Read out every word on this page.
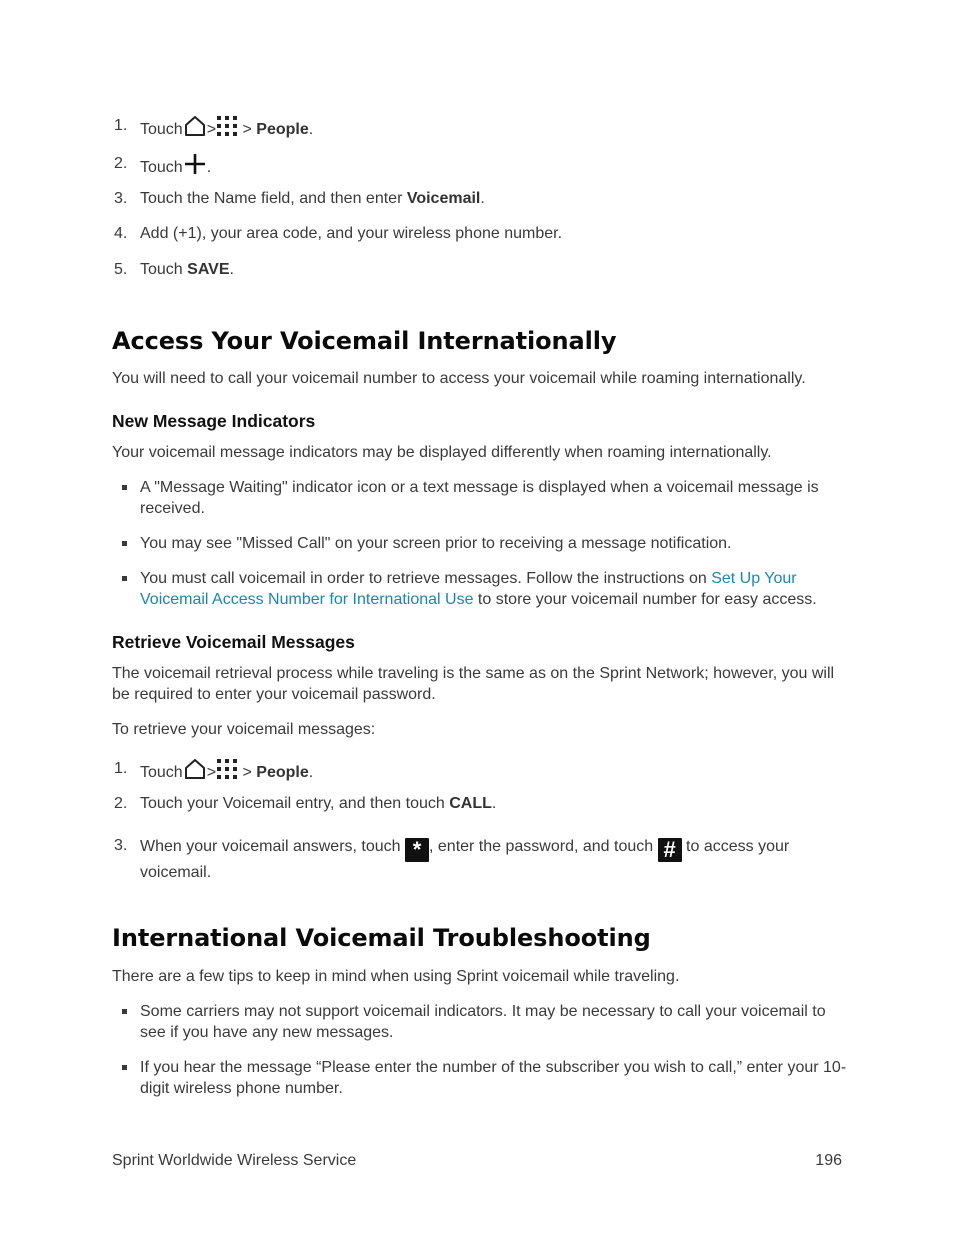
1. Touch > > People.
2. Touch .
3. Touch the Name field, and then enter Voicemail.
4. Add (+1), your area code, and your wireless phone number.
5. Touch SAVE.
Access Your Voicemail Internationally
You will need to call your voicemail number to access your voicemail while roaming internationally.
New Message Indicators
Your voicemail message indicators may be displayed differently when roaming internationally.
A "Message Waiting" indicator icon or a text message is displayed when a voicemail message is received.
You may see "Missed Call" on your screen prior to receiving a message notification.
You must call voicemail in order to retrieve messages. Follow the instructions on Set Up Your Voicemail Access Number for International Use to store your voicemail number for easy access.
Retrieve Voicemail Messages
The voicemail retrieval process while traveling is the same as on the Sprint Network; however, you will be required to enter your voicemail password.
To retrieve your voicemail messages:
1. Touch > > People.
2. Touch your Voicemail entry, and then touch CALL.
3. When your voicemail answers, touch * , enter the password, and touch # to access your voicemail.
International Voicemail Troubleshooting
There are a few tips to keep in mind when using Sprint voicemail while traveling.
Some carriers may not support voicemail indicators. It may be necessary to call your voicemail to see if you have any new messages.
If you hear the message “Please enter the number of the subscriber you wish to call,” enter your 10-digit wireless phone number.
Sprint Worldwide Wireless Service	196
